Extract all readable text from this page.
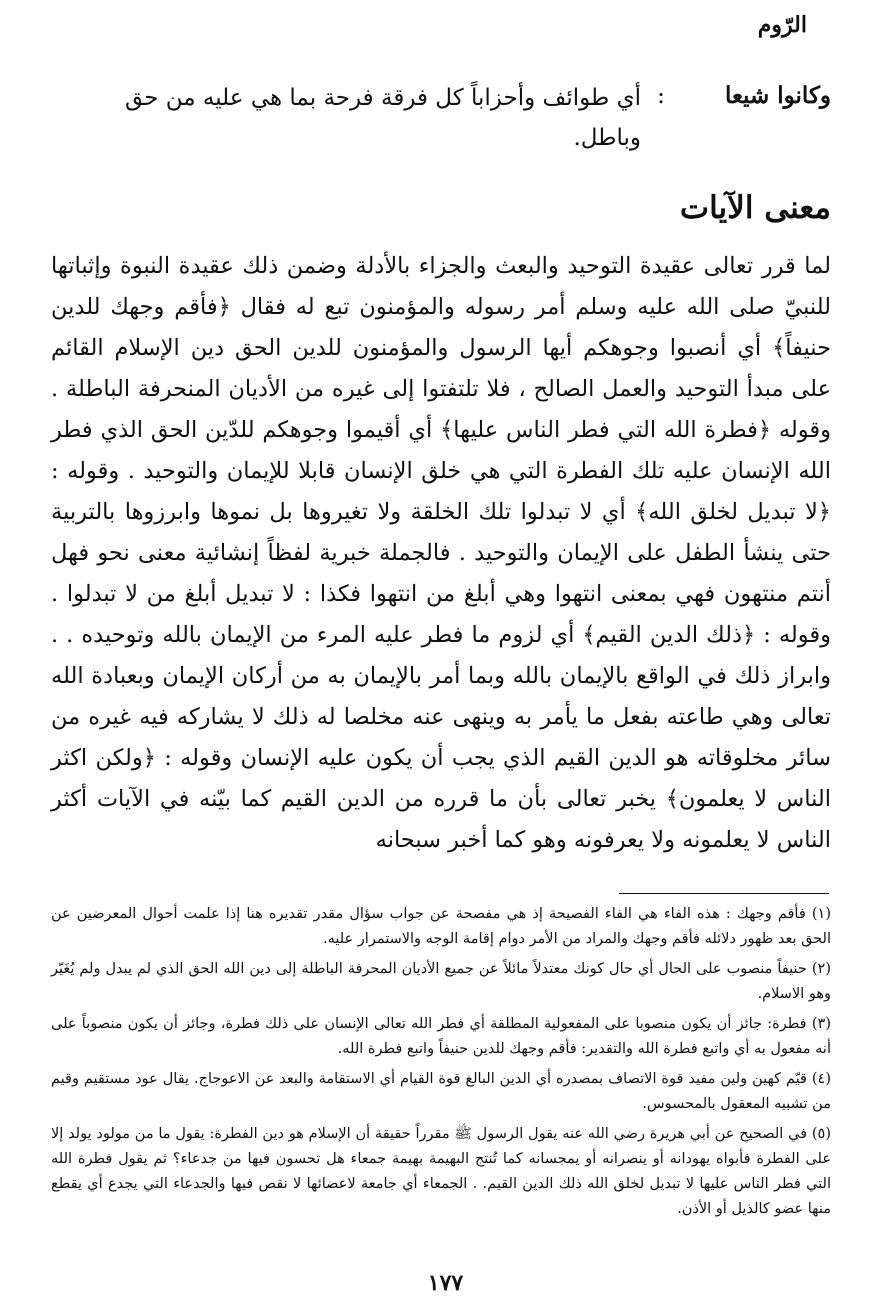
الرّوم
وكانوا شيعا
:
أي طوائف وأحزاباً كل فرقة فرحة بما هي عليه من حق وباطل.
معنى الآيات

لما قرر تعالى عقيدة التوحيد والبعث والجزاء بالأدلة وضمن ذلك عقيدة النبوة وإثباتها للنبيّ صلى الله عليه وسلم أمر رسوله والمؤمنون تبع له فقال ﴿فأقم وجهك للدين حنيفاً﴾ أي أنصبوا وجوهكم أيها الرسول والمؤمنون للدين الحق دين الإسلام القائم على مبدأ التوحيد والعمل الصالح ، فلا تلتفتوا إلى غيره من الأديان المنحرفة الباطلة . وقوله ﴿فطرة الله التي فطر الناس عليها﴾ أي أقيموا وجوهكم للدّين الحق الذي فطر الله الإنسان عليه تلك الفطرة التي هي خلق الإنسان قابلا للإيمان والتوحيد . وقوله : ﴿لا تبديل لخلق الله﴾ أي لا تبدلوا تلك الخلقة ولا تغيروها بل نموها وابرزوها بالتربية حتى ينشأ الطفل على الإيمان والتوحيد . فالجملة خبرية لفظاً إنشائية معنى نحو فهل أنتم منتهون فهي بمعنى انتهوا وهي أبلغ من انتهوا فكذا : لا تبديل أبلغ من لا تبدلوا . وقوله : ﴿ذلك الدين القيم﴾ أي لزوم ما فطر عليه المرء من الإيمان بالله وتوحيده . . وابراز ذلك في الواقع بالإيمان بالله وبما أمر بالإيمان به من أركان الإيمان وبعبادة الله تعالى وهي طاعته بفعل ما يأمر به وينهى عنه مخلصا له ذلك لا يشاركه فيه غيره من سائر مخلوقاته هو الدين القيم الذي يجب أن يكون عليه الإنسان وقوله : ﴿ولكن اكثر الناس لا يعلمون﴾ يخبر تعالى بأن ما قرره من الدين القيم كما بيّنه في الآيات أكثر الناس لا يعلمونه ولا يعرفونه وهو كما أخبر سبحانه

(١) فأقم وجهك : هذه الفاء هي الفاء الفصيحة إذ هي مفصحة عن جواب سؤال مقدر تقديره هنا إذا علمت أحوال المعرضين عن الحق بعد ظهور دلائله فأقم وجهك والمراد من الأمر دوام إقامة الوجه والاستمرار عليه.
(٢) حنيفاً منصوب على الحال أي حال كونك معتدلاً مائلاً عن جميع الأديان المحرفة الباطلة إلى دين الله الحق الذي لم يبدل ولم يُغَيّر وهو الاسلام.
(٣) فطرة: جائز أن يكون منصوبا على المفعولية المطلقة أي فطر الله تعالى الإنسان على ذلك فطرة، وجائز أن يكون منصوباً على أنه مفعول به أي واتبع فطرة الله والتقدير: فأقم وجهك للدين حنيفاً واتبع فطرة الله.
(٤) قيّم كهين ولين مفيد قوة الاتصاف بمصدره أي الدين البالغ قوة القيام أي الاستقامة والبعد عن الاعوجاج. يقال عود مستقيم وقيم من تشبيه المعقول بالمحسوس.
(٥) في الصحيح عن أبي هريرة رضي الله عنه يقول الرسول ﷺ مقرراً حقيقة أن الإسلام هو دين الفطرة: يقول ما من مولود يولد إلا على الفطرة فأبواه يهودانه أو ينصرانه أو يمجسانه كما تُنتج البهيمة بهيمة جمعاء هل تحسون فيها من جدعاء؟ ثم يقول فطرة الله التي فطر الناس عليها لا تبديل لخلق الله ذلك الدين القيم. . الجمعاء أي جامعة لاعضائها لا نقص فيها والجدعاء التي يجدع أي يقطع منها عضو كالذيل أو الأذن.
١٧٧
